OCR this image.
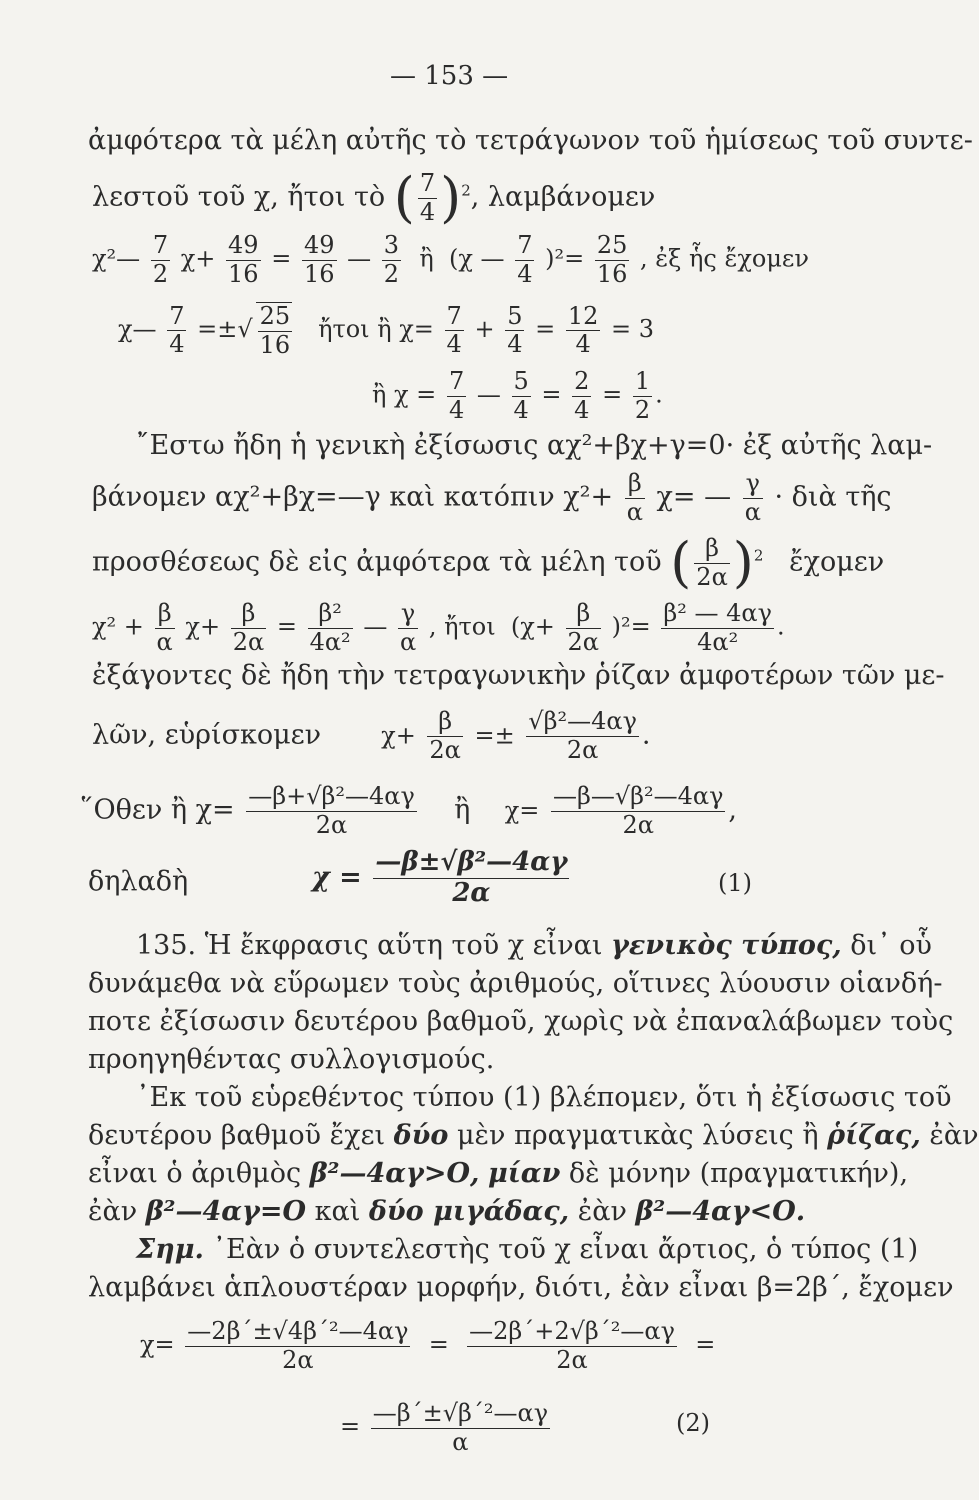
— 153 —
ἀμφότερα τὰ μέλη αὐτῆς τὸ τετράγωνον τοῦ ἡμίσεως τοῦ συντε-
λεστοῦ τοῦ χ, ἤτοι τὸ ( $\frac{7}{4} )^2$, λαμβάνομεν
χ²— $\frac{7}{2} \chi+ \frac{49}{16} = \frac{49}{16}$ — $\frac{3}{2}$ ἢ (χ — $\frac{7}{4} )^2= \frac{25}{16}$ , ἐξ ἧς ἔχομεν
χ— $\frac{7}{4}$ =±√ $\frac{25}{16}$ ἤτοι ἢ $\chi= \frac{7}{4} + \frac{5}{4} = \frac{12}{4} = 3$
ἢ $\chi = \frac{7}{4}$ — $\frac{5}{4} = \frac{2}{4} = \frac{1}{2}$ .
῎Εστω ἤδη ἡ γενικὴ ἐξίσωσις αχ²+βχ+γ=0· ἐξ αὐτῆς λαμ-
βάνομεν αχ²+βχ=—γ καὶ κατόπιν $\chi^2+ \frac{\beta}{\alpha} \chi=$ — $\frac{\gamma}{\alpha}$ · διὰ τῆς
προσθέσεως δὲ εἰς ἀμφότερα τὰ μέλη τοῦ ( $\frac{\beta}{2\alpha} )^2$ ἔχομεν
$\chi^2 + \frac{\beta}{\alpha} \chi+ \frac{\beta}{2\alpha} = \frac{\text{β²}}{\text{4α²}}$ — $\frac{\gamma}{\alpha}$ , ἤτοι $(\chi+ \frac{\beta}{2\alpha} )^2= \frac{\text{β² — 4αγ}}{\text{4α²}}$ .
ἐξάγοντες δὲ ἤδη τὴν τετραγωνικὴν ῥίζαν ἀμφοτέρων τῶν με-
λῶν, εὑρίσκομεν	$\chi+ \frac{\beta}{2\alpha} =\pm \frac{\text{√β²—4αγ}}{2\alpha}$ .
῞Οθεν ἢ $\chi= \frac{\text{—β+√β²—4αγ}}{2\alpha}$ ἢ $\chi= \frac{\text{—β—√β²—4αγ}}{2\alpha}$ ,
δηλαδὴ	$\chi = \frac{\text{—β±√β²—4αγ}}{2\alpha}$	(1)
135. Ἡ ἔκφρασις αὕτη τοῦ χ εἶναι γενικὸς τύπος, δι᾽ οὗ
δυνάμεθα νὰ εὕρωμεν τοὺς ἀριθμούς, οἵτινες λύουσιν οἱανδή-
ποτε ἐξίσωσιν δευτέρου βαθμοῦ, χωρὶς νὰ ἐπαναλάβωμεν τοὺς
προηγηθέντας συλλογισμούς.
᾽Εκ τοῦ εὑρεθέντος τύπου (1) βλέπομεν, ὅτι ἡ ἐξίσωσις τοῦ
δευτέρου βαθμοῦ ἔχει δύο μὲν πραγματικὰς λύσεις ἢ ῥίζας, ἐὰν
εἶναι ὁ ἀριθμὸς β²—4αγ>Ο, μίαν δὲ μόνην (πραγματικήν),
ἐὰν β²—4αγ=Ο καὶ δύο μιγάδας, ἐὰν β²—4αγ<Ο.
Σημ. ᾽Εὰν ὁ συντελεστὴς τοῦ χ εἶναι ἄρτιος, ὁ τύπος (1)
λαμβάνει ἁπλουστέραν μορφήν, διότι, ἐὰν εἶναι β=2β΄, ἔχομεν
$\chi= \frac{\text{—2β΄±√4β΄²—4αγ}}{2\alpha} = \frac{\text{—2β΄+2√β΄²—αγ}}{2\alpha}$ =
= $\frac{\text{—β΄±√β΄²—αγ}}{\alpha}$	(2)
